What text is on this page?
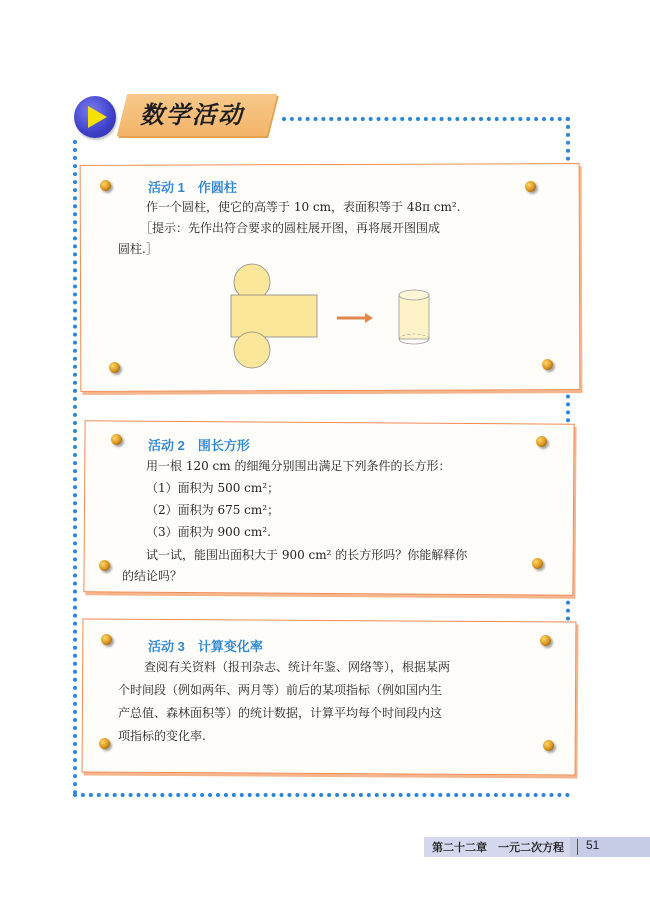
数学活动
活动 1　作圆柱
作一个圆柱，使它的高等于 10 cm，表面积等于 48π cm².
［提示：先作出符合要求的圆柱展开图，再将展开图围成
圆柱.］
活动 2　围长方形
用一根 120 cm 的细绳分别围出满足下列条件的长方形：
（1）面积为 500 cm²；
（2）面积为 675 cm²；
（3）面积为 900 cm².
试一试，能围出面积大于 900 cm² 的长方形吗？你能解释你
的结论吗？
活动 3　计算变化率
查阅有关资料（报刊杂志、统计年鉴、网络等），根据某两
个时间段（例如两年、两月等）前后的某项指标（例如国内生
产总值、森林面积等）的统计数据，计算平均每个时间段内这
项指标的变化率.
第二十二章　一元二次方程 51
